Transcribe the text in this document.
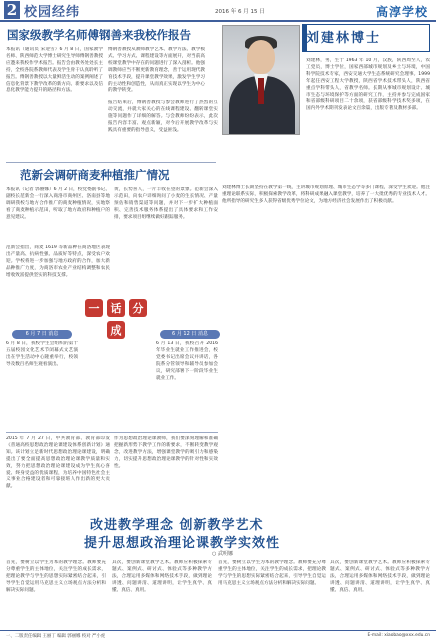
2 校园经纬	2016 年 6 月 15 日	高淳学校
国家级教学名师傅钢善来我校作报告
本报讯（通讯员 宋迎雪）6 月 8 日，国家教学名师、陕西师范大学博士研究生导师傅钢善教授应邀来我校作学术报告。报告会由教务处处长主持，全校各院系教师代表及学生骨干认真聆听了报告。傅钢善教授以大量鲜活生动的案例阐述了信息化背景下教学改革的新方向、新要求以及信息化教学能力提升的路径和方法。
傅钢善教授从教师教学艺术、教学方法、教学模式、学习方式、课程建设等方面展开，对当前高校课堂教学中存在的问题进行了深入剖析。他强调教师应当不断更新教育理念，善于运用现代教育技术手段，提升课堂教学效果，激发学生学习的主动性和创造性，从而真正实现以学生为中心的教学转变。
报告结束后，傅钢善教授与参会教师进行了热烈的互动交流，并就大家关心的在线课程建设、翻转课堂实施等问题作了详细的解答。与会教师纷纷表示，此次报告内容丰富、观点新颖，对今后开展教学改革与实践具有重要的指导意义，受益匪浅。
刘建林博士
刘建林，男，生于 1963 年 10 月，汉族，陕西周至人，农工党员，博士学位，国家西部城市规划及乡土与环境，中国科学院技术专家，西安交通大学生态系统研究会理事。1999 年起任西安工程大学教授，陕西省学术技术带头人，陕西省重点学科带头人，省教学名师。长期从事城市规划设计、城市生态与环境保护等方面的研究工作，主持并参与完成国家和省部级科研项目二十余项，获省部级科学技术奖多项，在国内外学术期刊发表论文百余篇，出版专著及教材多部。
刘建林博士长期坚持在教学第一线，主讲城市规划原理、城市生态学等多门课程，深受学生欢迎。他注重理论联系实际，积极探索教学改革，将科研成果融入课堂教学，培养了一大批优秀的专业技术人才。他所指导的研究生多人获得省级优秀学位论文，为地方经济社会发展作出了积极贡献。
范新会调研商麦种植推广情况
本报讯（记者 郭丽娜）6 月 2 日，校党委副书记、副校长范新会一行深入商洛市商州区、洛南县等地调研我校与地方合作推广的商麦种植情况，实地察看了商麦种植示范田，听取了地方政府和种植户的意见建议。
范新会指出，商麦 1619 等新品种在商洛地区表现出产量高、抗病性强、品质好等特点，深受农户欢迎。学校将进一步加强与地方政府的合作，加大新品种推广力度，为商洛市农业产业结构调整和农民增收致富提供坚实的科技支撑。
黄，长势喜人，一片丰收在望的景象。范新会深入示范田，向农户详细询问了小麦的生长情况、产量预估和销售渠道等问题，并对下一步扩大种植面积、完善技术服务体系提出了具体要求和工作安排，要求项目组继续做好跟踪服务。
一	话	分
成
6 月 7 日 消息	6 月 12 日 消息
6 月 8 日，我校学生会组织的第十五届校园文化艺术节闭幕式文艺演出在学生活动中心隆重举行，校领导及数百名师生观看演出。
6 月 13 日，我校召开 2016 年毕业生就业工作推进会，校党委书记出席会议并讲话，各院系分管领导和辅导员参加会议，研究部署下一阶段毕业生就业工作。
2015 年 7 月 27 日，中共教育部、教育部印发《普通高校思想政治理论课建设体系创新计划》通知。该计划立足新时代思想政治理论课建设，明确提出了要全面提高思想政治理论课教学质量和实效，努力把思想政治理论课建设成为学生真心喜爱、终身受益的优质课程，为培养中国特色社会主义事业合格建设者和可靠接班人作出新的更大贡献。
作为思想政治理论课教师，我们要深刻理解和准确把握新形势下教学工作的新要求，不断转变教学观念，改进教学方法，增强课堂教学的吸引力和感染力，切实提升思想政治理论课教学的针对性和实效性。
改进教学理念 创新教学艺术
提升思想政治理论课教学实效性
○ 武明娜
首先，要树立以学生为本的教学理念。教师要充分尊重学生的主体地位，关注学生的成长需求，把理论教学与学生的思想实际紧密结合起来，引导学生自觉运用马克思主义立场观点方法分析和解决实际问题。
其次，要创新课堂教学艺术。教师应积极探索专题式、案例式、研讨式、体验式等多种教学方法，合理运用多媒体和网络技术手段，做到理论讲透、问题讲清、道理讲明，让学生真学、真懂、真信、真用。
首先，要树立以学生为本的教学理念。教师要充分尊重学生的主体地位，关注学生的成长需求，把理论教学与学生的思想实际紧密结合起来，引导学生自觉运用马克思主义立场观点方法分析和解决实际问题。
其次，要创新课堂教学艺术。教师应积极探索专题式、案例式、研讨式、体验式等多种教学方法，合理运用多媒体和网络技术手段，做到理论讲透、问题讲清、道理讲明，让学生真学、真懂、真信、真用。
一、二版责任编辑 王丽丁 编辑 郭丽娜 校对 严小虎	E-mail: xiaobao@xxx.edu.cn
